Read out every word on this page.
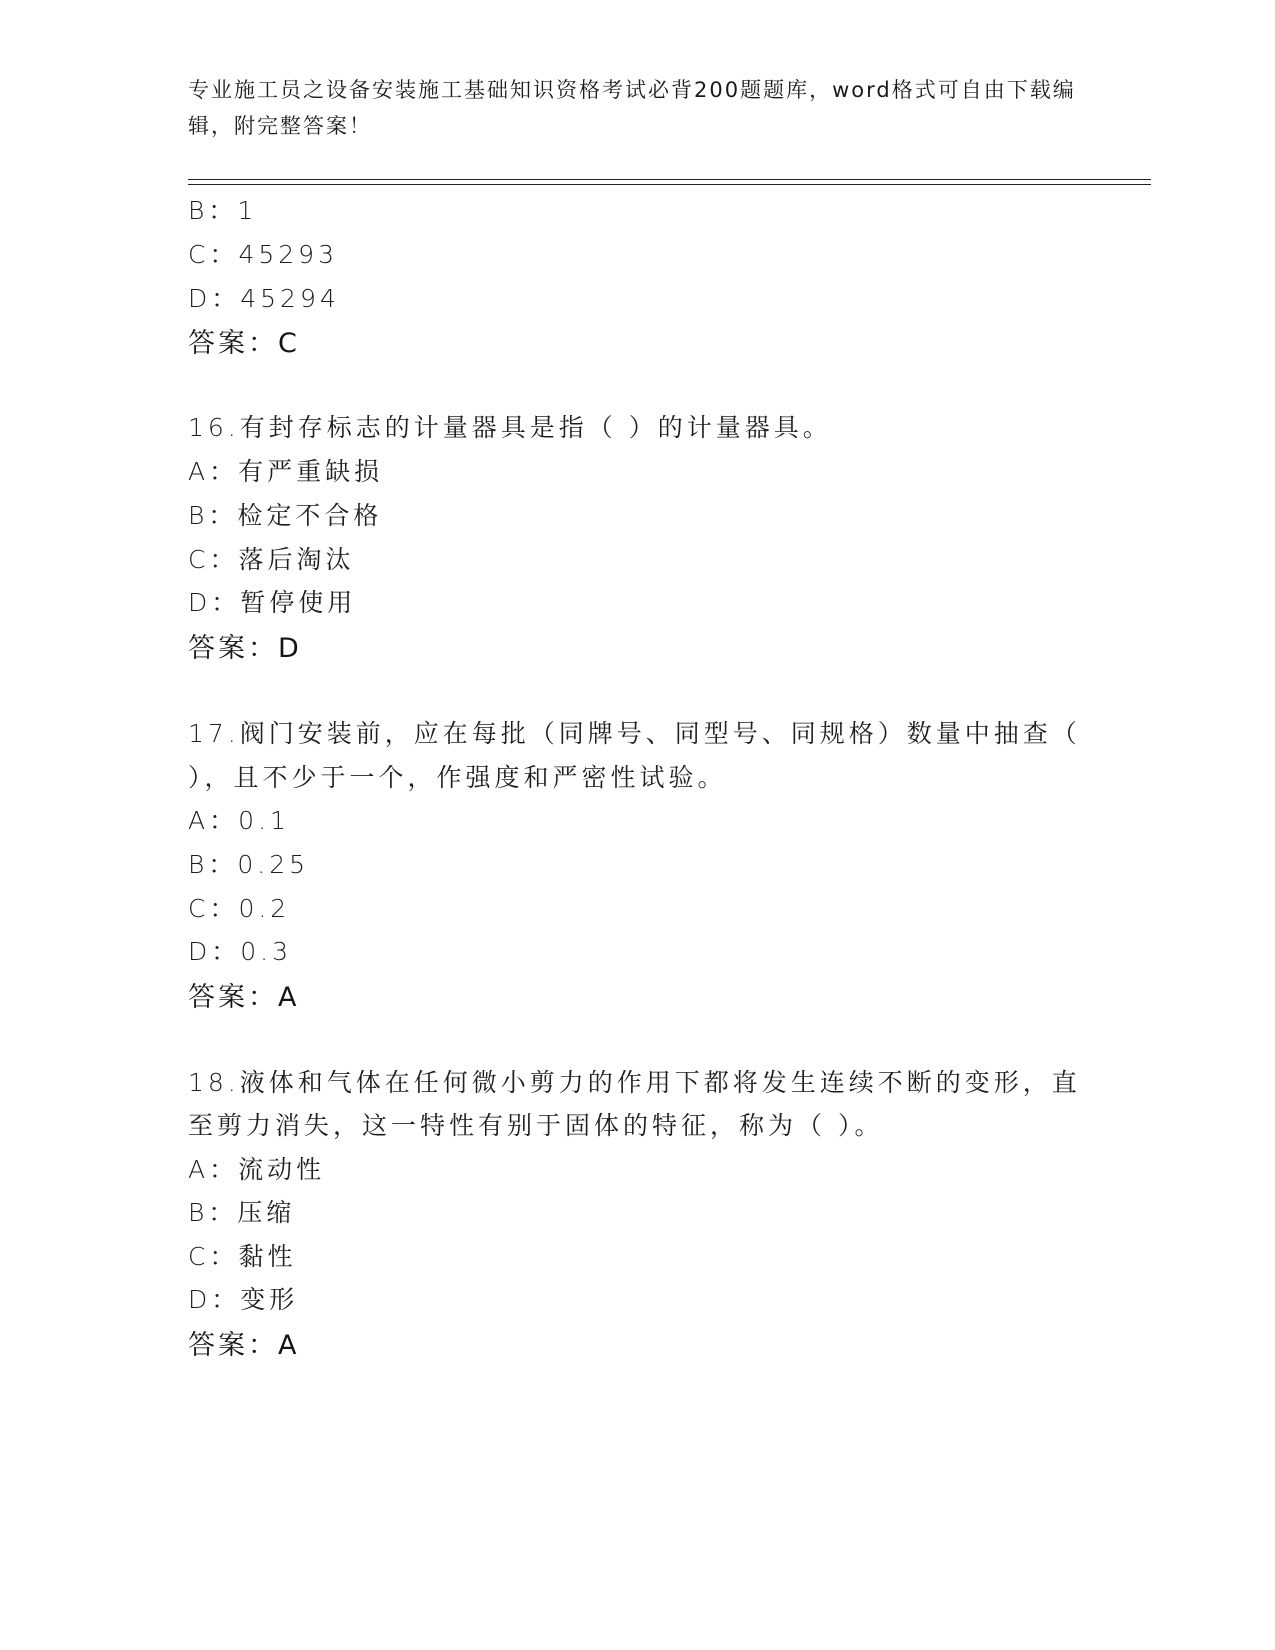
专业施工员之设备安装施工基础知识资格考试必背200题题库，word格式可自由下载编辑，附完整答案！
B：1
C：45293
D：45294
答案：C
16.有封存标志的计量器具是指（ ）的计量器具。
A：有严重缺损
B：检定不合格
C：落后淘汰
D：暂停使用
答案：D
17.阀门安装前，应在每批（同牌号、同型号、同规格）数量中抽查（
），且不少于一个，作强度和严密性试验。
A：0.1
B：0.25
C：0.2
D：0.3
答案：A
18.液体和气体在任何微小剪力的作用下都将发生连续不断的变形，直
至剪力消失，这一特性有别于固体的特征，称为（ ）。
A：流动性
B：压缩
C：黏性
D：变形
答案：A
